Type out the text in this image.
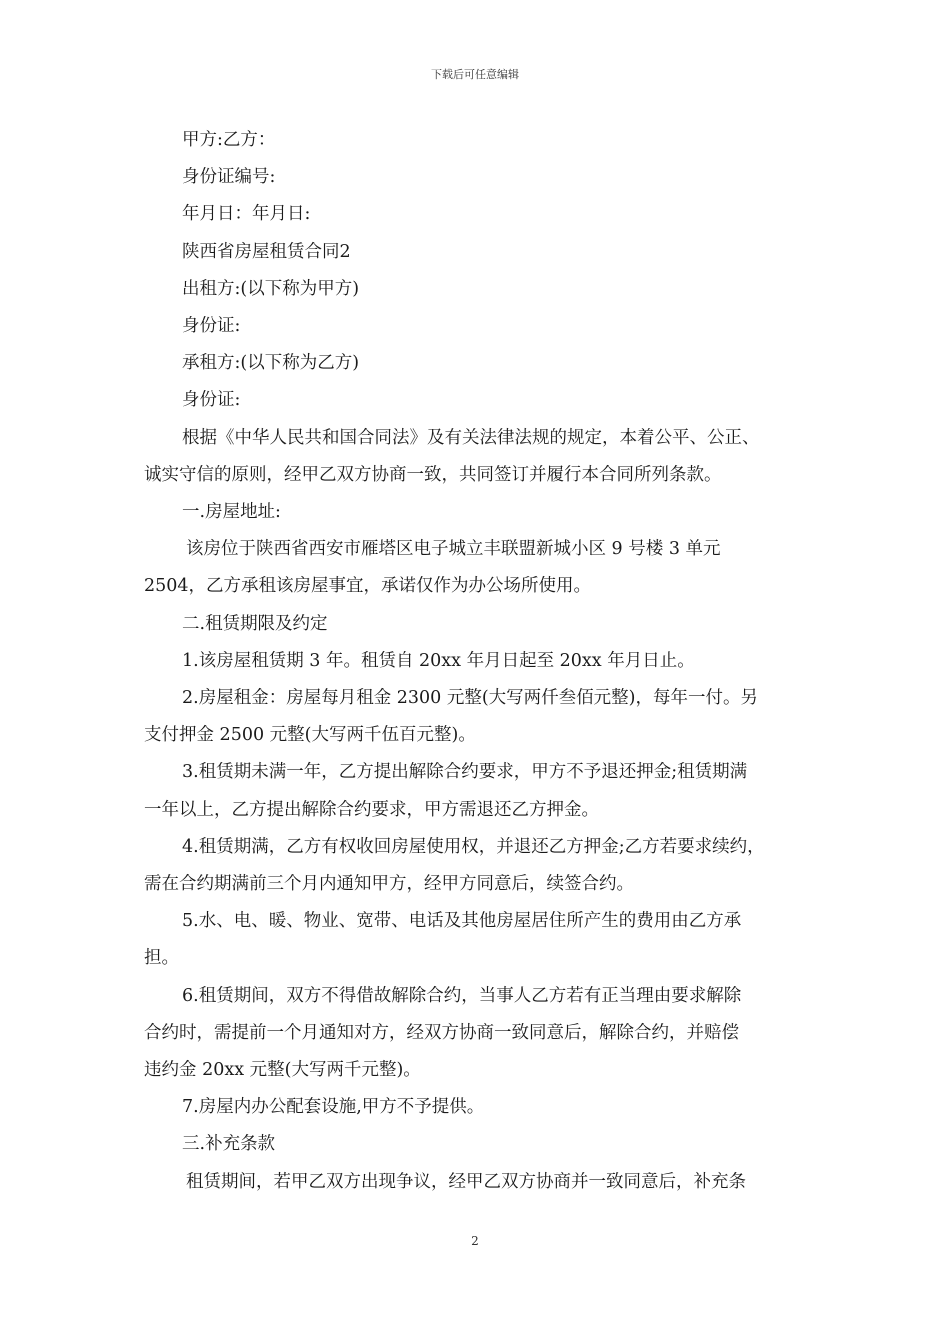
下载后可任意编辑

甲方:乙方：

身份证编号:

年月日：年月日:

陕西省房屋租赁合同2

出租方:(以下称为甲方)

身份证:

承租方:(以下称为乙方)

身份证:

根据《中华人民共和国合同法》及有关法律法规的规定，本着公平、公正、

诚实守信的原则，经甲乙双方协商一致，共同签订并履行本合同所列条款。

一.房屋地址:

该房位于陕西省西安市雁塔区电子城立丰联盟新城小区 9 号楼 3 单元

2504，乙方承租该房屋事宜，承诺仅作为办公场所使用。

二.租赁期限及约定

1.该房屋租赁期 3 年。租赁自 20xx 年月日起至 20xx 年月日止。

2.房屋租金：房屋每月租金 2300 元整(大写两仟叁佰元整)，每年一付。另

支付押金 2500 元整(大写两千伍百元整)。

3.租赁期未满一年，乙方提出解除合约要求，甲方不予退还押金;租赁期满

一年以上，乙方提出解除合约要求，甲方需退还乙方押金。

4.租赁期满，乙方有权收回房屋使用权，并退还乙方押金;乙方若要求续约，

需在合约期满前三个月内通知甲方，经甲方同意后，续签合约。

5.水、电、暖、物业、宽带、电话及其他房屋居住所产生的费用由乙方承

担。

6.租赁期间，双方不得借故解除合约，当事人乙方若有正当理由要求解除

合约时，需提前一个月通知对方，经双方协商一致同意后，解除合约，并赔偿

违约金 20xx 元整(大写两千元整)。

7.房屋内办公配套设施,甲方不予提供。

三.补充条款

租赁期间，若甲乙双方出现争议，经甲乙双方协商并一致同意后，补充条

2
